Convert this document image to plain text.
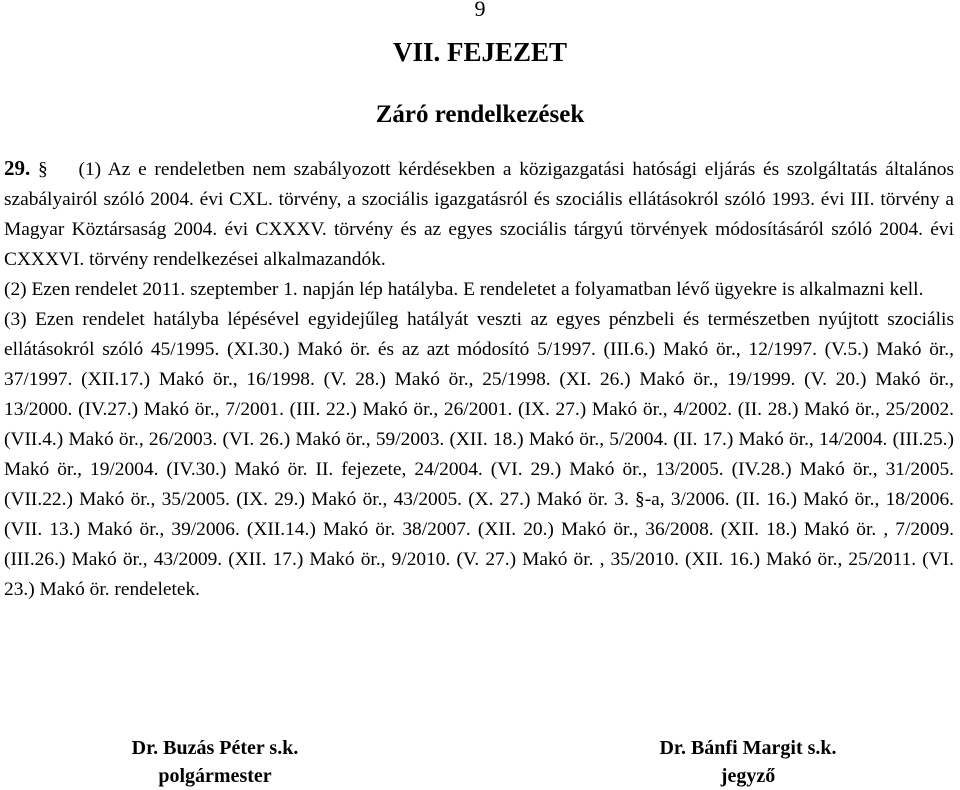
9
VII. FEJEZET
Záró rendelkezések

29. § (1) Az e rendeletben nem szabályozott kérdésekben a közigazgatási hatósági eljárás és szolgáltatás általános szabályairól szóló 2004. évi CXL. törvény, a szociális igazgatásról és szociális ellátásokról szóló 1993. évi III. törvény a Magyar Köztársaság 2004. évi CXXXV. törvény és az egyes szociális tárgyú törvények módosításáról szóló 2004. évi CXXXVI. törvény rendelkezései alkalmazandók.

(2) Ezen rendelet 2011. szeptember 1. napján lép hatályba. E rendeletet a folyamatban lévő ügyekre is alkalmazni kell.

(3) Ezen rendelet hatályba lépésével egyidejűleg hatályát veszti az egyes pénzbeli és természetben nyújtott szociális ellátásokról szóló 45/1995. (XI.30.) Makó ör. és az azt módosító 5/1997. (III.6.) Makó ör., 12/1997. (V.5.) Makó ör., 37/1997. (XII.17.) Makó ör., 16/1998. (V. 28.) Makó ör., 25/1998. (XI. 26.) Makó ör., 19/1999. (V. 20.) Makó ör., 13/2000. (IV.27.) Makó ör., 7/2001. (III. 22.) Makó ör., 26/2001. (IX. 27.) Makó ör., 4/2002. (II. 28.) Makó ör., 25/2002. (VII.4.) Makó ör., 26/2003. (VI. 26.) Makó ör., 59/2003. (XII. 18.) Makó ör., 5/2004. (II. 17.) Makó ör., 14/2004. (III.25.) Makó ör., 19/2004. (IV.30.) Makó ör. II. fejezete, 24/2004. (VI. 29.) Makó ör., 13/2005. (IV.28.) Makó ör., 31/2005. (VII.22.) Makó ör., 35/2005. (IX. 29.) Makó ör., 43/2005. (X. 27.) Makó ör. 3. §-a, 3/2006. (II. 16.) Makó ör., 18/2006. (VII. 13.) Makó ör., 39/2006. (XII.14.) Makó ör. 38/2007. (XII. 20.) Makó ör., 36/2008. (XII. 18.) Makó ör. , 7/2009. (III.26.) Makó ör., 43/2009. (XII. 17.) Makó ör., 9/2010. (V. 27.) Makó ör. , 35/2010. (XII. 16.) Makó ör., 25/2011. (VI. 23.) Makó ör. rendeletek.

Dr. Buzás Péter s.k.
polgármester
Dr. Bánfi Margit s.k.
jegyző
